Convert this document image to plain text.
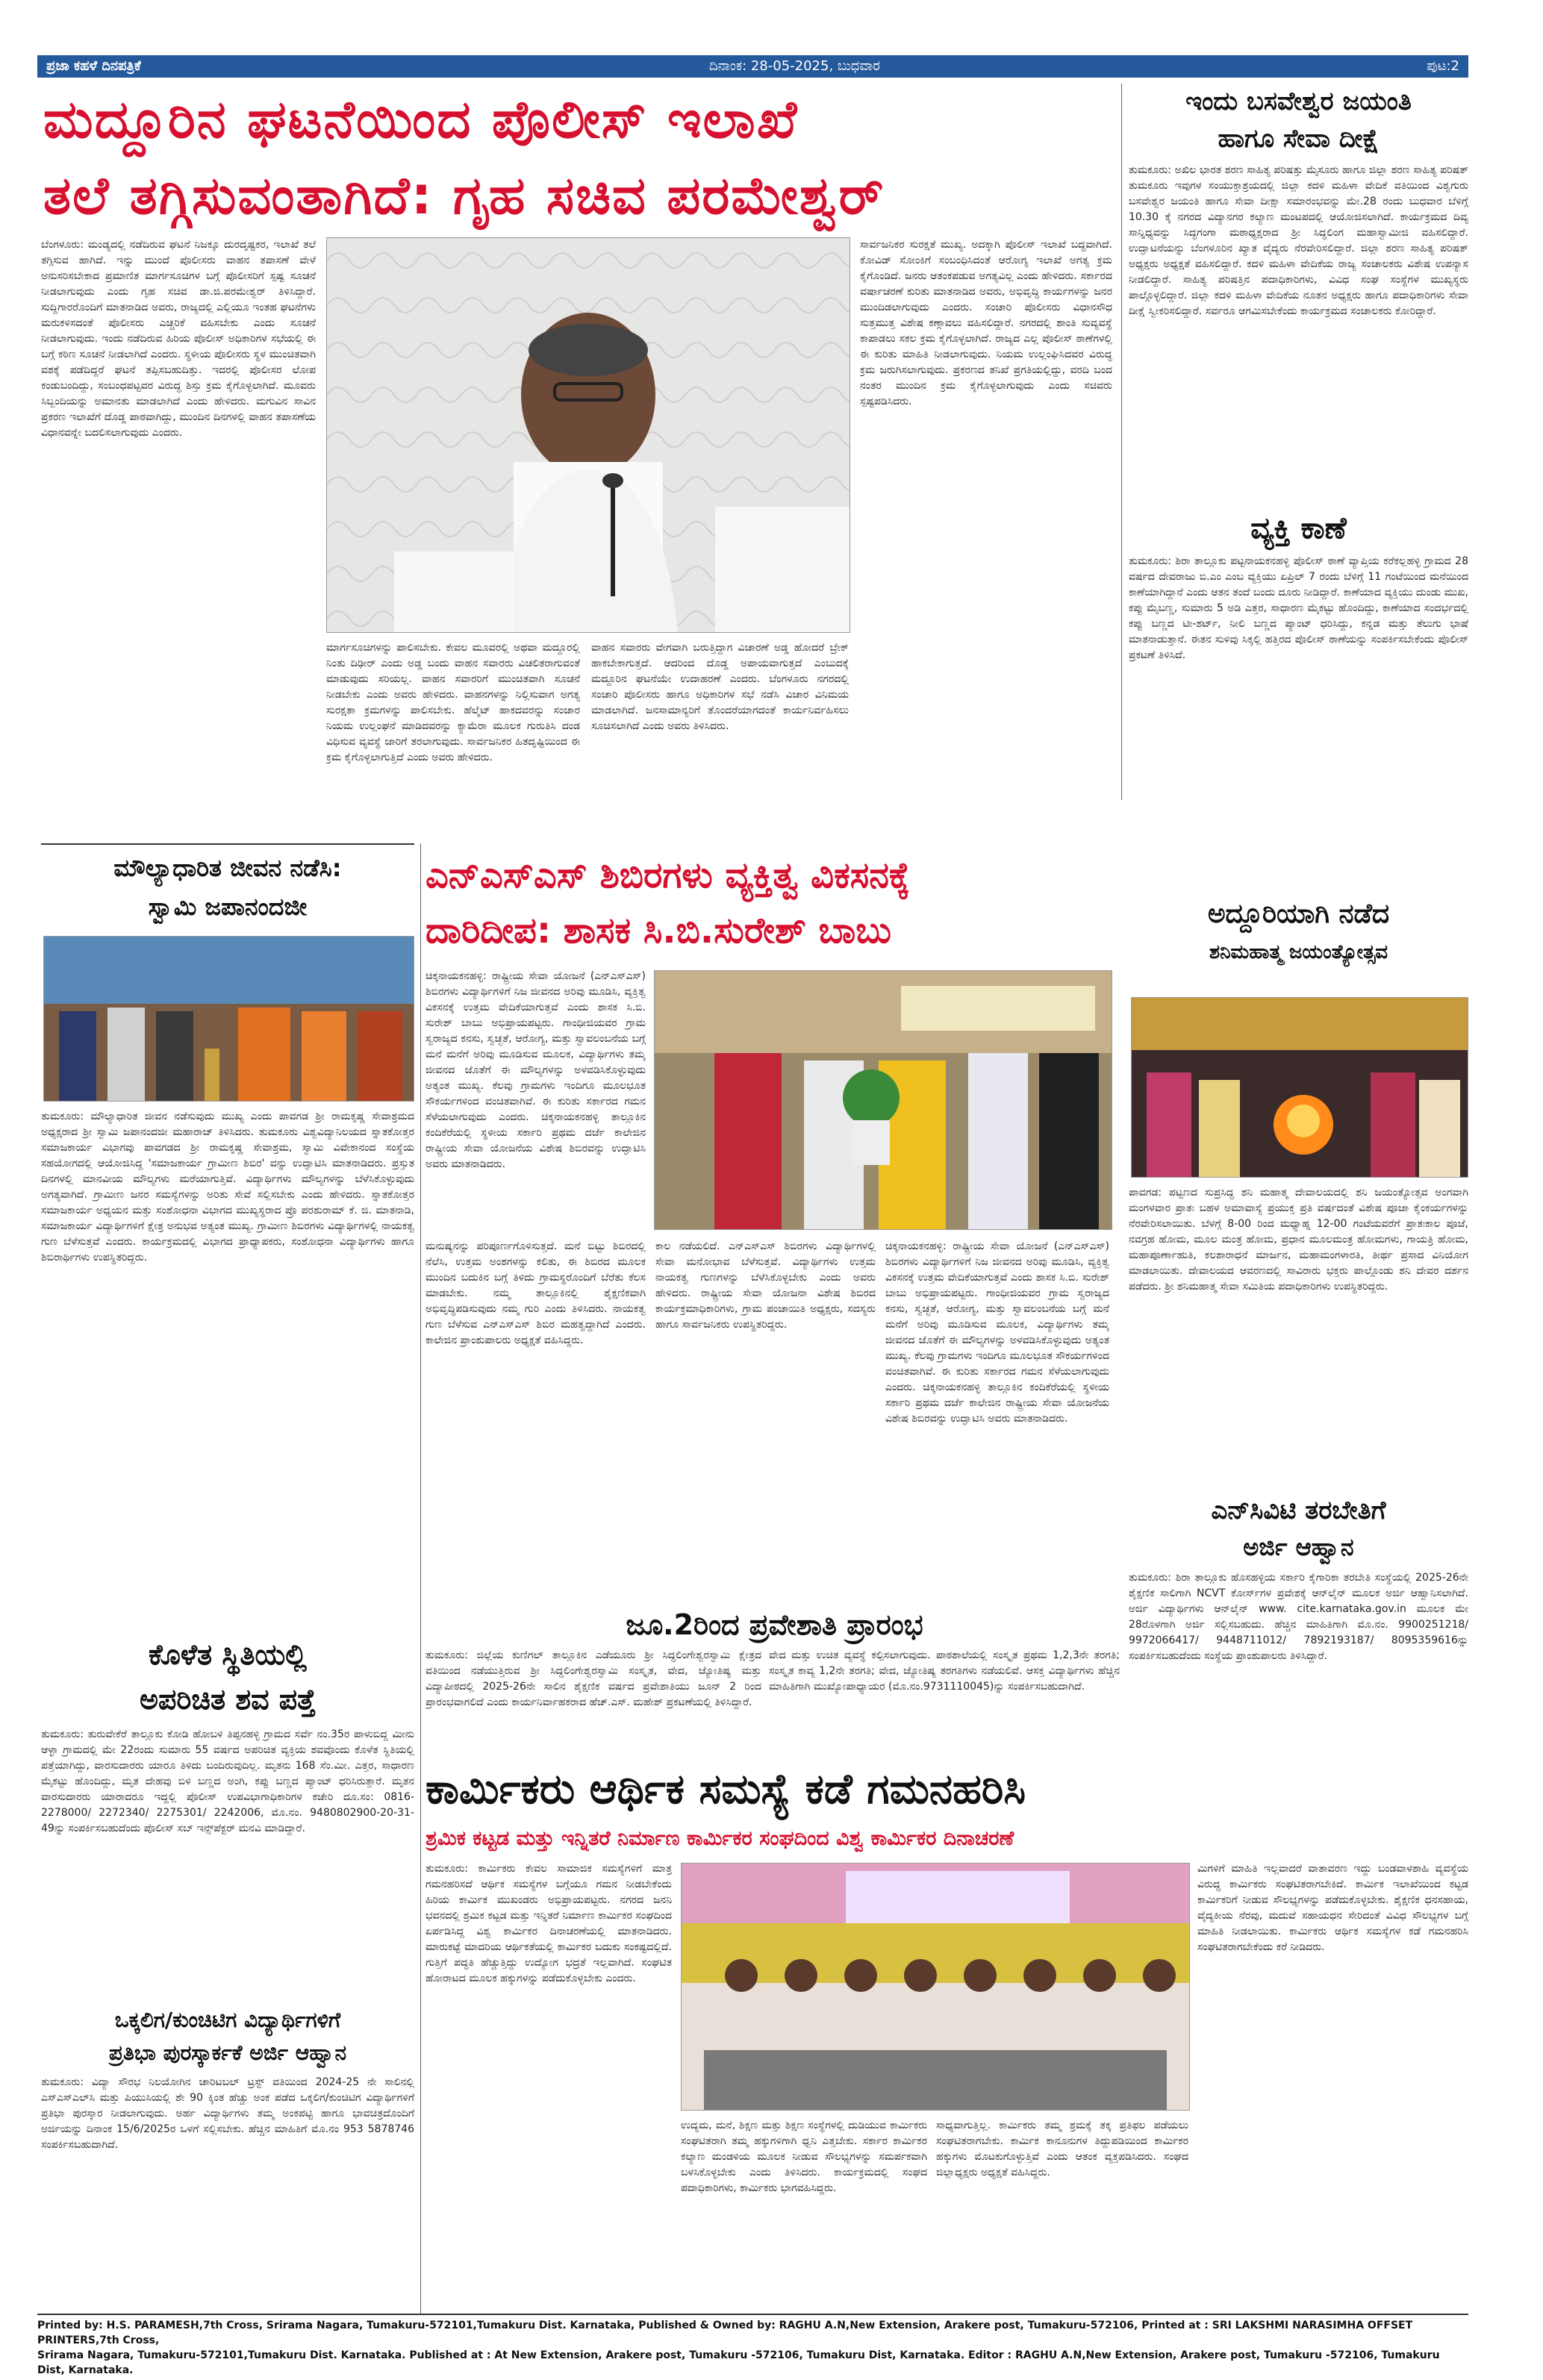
ಪ್ರಜಾ ಕಹಳೆ ದಿನಪತ್ರಿಕೆ	ದಿನಾಂಕ: 28-05-2025, ಬುಧವಾರ	ಪುಟ:2
ಮದ್ದೂರಿನ ಘಟನೆಯಿಂದ ಪೊಲೀಸ್ ಇಲಾಖೆ
ತಲೆ ತಗ್ಗಿಸುವಂತಾಗಿದೆ: ಗೃಹ ಸಚಿವ ಪರಮೇಶ್ವರ್
ಬೆಂಗಳೂರು: ಮಂಡ್ಯದಲ್ಲಿ ನಡೆದಿರುವ ಘಟನೆ ನಿಜಕ್ಕೂ ದುರದೃಷ್ಟಕರ, ಇಲಾಖೆ ತಲೆ ತಗ್ಗಿಸುವ ಹಾಗಿದೆ. ಇನ್ನು ಮುಂದೆ ಪೊಲೀಸರು ವಾಹನ ತಪಾಸಣೆ ವೇಳೆ ಅನುಸರಿಸಬೇಕಾದ ಪ್ರಮಾಣಿತ ಮಾರ್ಗಸೂಚಿಗಳ ಬಗ್ಗೆ ಪೊಲೀಸರಿಗೆ ಸ್ಪಷ್ಟ ಸೂಚನೆ ನೀಡಲಾಗುವುದು ಎಂದು ಗೃಹ ಸಚಿವ ಡಾ.ಜಿ.ಪರಮೇಶ್ವರ್ ತಿಳಿಸಿದ್ದಾರೆ. ಸುದ್ದಿಗಾರರೊಂದಿಗೆ ಮಾತನಾಡಿದ ಅವರು, ರಾಜ್ಯದಲ್ಲಿ ಎಲ್ಲಿಯೂ ಇಂತಹ ಘಟನೆಗಳು ಮರುಕಳಿಸದಂತೆ ಪೊಲೀಸರು ಎಚ್ಚರಿಕೆ ವಹಿಸಬೇಕು ಎಂದು ಸೂಚನೆ ನೀಡಲಾಗುವುದು. ಇಂದು ನಡೆದಿರುವ ಹಿರಿಯ ಪೊಲೀಸ್ ಅಧಿಕಾರಿಗಳ ಸಭೆಯಲ್ಲಿ ಈ ಬಗ್ಗೆ ಕಠಿಣ ಸೂಚನೆ ನೀಡಲಾಗಿದೆ ಎಂದರು. ಸ್ಥಳೀಯ ಪೊಲೀಸರು ಸ್ಥಳ ಮುಂಚಿತವಾಗಿ ವಶಕ್ಕೆ ಪಡೆದಿದ್ದರೆ ಘಟನೆ ತಪ್ಪಿಸಬಹುದಿತ್ತು. ಇದರಲ್ಲಿ ಪೊಲೀಸರ ಲೋಪ ಕಂಡುಬಂದಿದ್ದು, ಸಂಬಂಧಪಟ್ಟವರ ವಿರುದ್ಧ ಶಿಸ್ತು ಕ್ರಮ ಕೈಗೊಳ್ಳಲಾಗಿದೆ. ಮೂವರು ಸಿಬ್ಬಂದಿಯನ್ನು ಅಮಾನತು ಮಾಡಲಾಗಿದೆ ಎಂದು ಹೇಳಿದರು. ಮಗುವಿನ ಸಾವಿನ ಪ್ರಕರಣ ಇಲಾಖೆಗೆ ದೊಡ್ಡ ಪಾಠವಾಗಿದ್ದು, ಮುಂದಿನ ದಿನಗಳಲ್ಲಿ ವಾಹನ ತಪಾಸಣೆಯ ವಿಧಾನವನ್ನೇ ಬದಲಿಸಲಾಗುವುದು ಎಂದರು.
ಮಾರ್ಗಸೂಚಿಗಳನ್ನು ಪಾಲಿಸಬೇಕು. ಕೇವಲ ಮೂವರಲ್ಲಿ ಅಥವಾ ಮದ್ದೂರಲ್ಲಿ ನಿಂತು ದಿಢೀರ್ ಎಂದು ಅಡ್ಡ ಬಂದು ವಾಹನ ಸವಾರರು ವಿಚಲಿತರಾಗುವಂತೆ ಮಾಡುವುದು ಸರಿಯಲ್ಲ. ವಾಹನ ಸವಾರರಿಗೆ ಮುಂಚಿತವಾಗಿ ಸೂಚನೆ ನೀಡಬೇಕು ಎಂದು ಅವರು ಹೇಳಿದರು. ವಾಹನಗಳನ್ನು ನಿಲ್ಲಿಸುವಾಗ ಅಗತ್ಯ ಸುರಕ್ಷತಾ ಕ್ರಮಗಳನ್ನು ಪಾಲಿಸಬೇಕು. ಹೆಲ್ಮೆಟ್ ಹಾಕದವರನ್ನು ಸಂಚಾರ ನಿಯಮ ಉಲ್ಲಂಘನೆ ಮಾಡಿದವರನ್ನು ಕ್ಯಾಮೆರಾ ಮೂಲಕ ಗುರುತಿಸಿ ದಂಡ ವಿಧಿಸುವ ವ್ಯವಸ್ಥೆ ಜಾರಿಗೆ ತರಲಾಗುವುದು. ಸಾರ್ವಜನಿಕರ ಹಿತದೃಷ್ಟಿಯಿಂದ ಈ ಕ್ರಮ ಕೈಗೊಳ್ಳಲಾಗುತ್ತಿದೆ ಎಂದು ಅವರು ಹೇಳಿದರು.
ವಾಹನ ಸವಾರರು ವೇಗವಾಗಿ ಬರುತ್ತಿದ್ದಾಗ ವಿಚಾರಣೆ ಅಡ್ಡ ಹೋದರೆ ಬ್ರೇಕ್ ಹಾಕಬೇಕಾಗುತ್ತದೆ. ಆದರಿಂದ ದೊಡ್ಡ ಅಪಾಯವಾಗುತ್ತದೆ ಎಂಬುದಕ್ಕೆ ಮದ್ದೂರಿನ ಘಟನೆಯೇ ಉದಾಹರಣೆ ಎಂದರು. ಬೆಂಗಳೂರು ನಗರದಲ್ಲಿ ಸಂಚಾರಿ ಪೊಲೀಸರು ಹಾಗೂ ಅಧಿಕಾರಿಗಳ ಸಭೆ ನಡೆಸಿ ವಿಚಾರ ವಿನಿಮಯ ಮಾಡಲಾಗಿದೆ. ಜನಸಾಮಾನ್ಯರಿಗೆ ತೊಂದರೆಯಾಗದಂತೆ ಕಾರ್ಯನಿರ್ವಹಿಸಲು ಸೂಚಿಸಲಾಗಿದೆ ಎಂದು ಅವರು ತಿಳಿಸಿದರು.
ಸಾರ್ವಜನಿಕರ ಸುರಕ್ಷತೆ ಮುಖ್ಯ. ಅದಕ್ಕಾಗಿ ಪೊಲೀಸ್ ಇಲಾಖೆ ಬದ್ಧವಾಗಿದೆ. ಕೋವಿಡ್ ಸೋಂಕಿಗೆ ಸಂಬಂಧಿಸಿದಂತೆ ಆರೋಗ್ಯ ಇಲಾಖೆ ಅಗತ್ಯ ಕ್ರಮ ಕೈಗೊಂಡಿದೆ. ಜನರು ಆತಂಕಪಡುವ ಅಗತ್ಯವಿಲ್ಲ ಎಂದು ಹೇಳಿದರು. ಸರ್ಕಾರದ ವರ್ಷಾಚರಣೆ ಕುರಿತು ಮಾತನಾಡಿದ ಅವರು, ಅಭಿವೃದ್ಧಿ ಕಾರ್ಯಗಳನ್ನು ಜನರ ಮುಂದಿಡಲಾಗುವುದು ಎಂದರು. ಸಂಚಾರಿ ಪೊಲೀಸರು ವಿಧಾನಸೌಧ ಸುತ್ತಮುತ್ತ ವಿಶೇಷ ಕಣ್ಗಾವಲು ವಹಿಸಲಿದ್ದಾರೆ. ನಗರದಲ್ಲಿ ಶಾಂತಿ ಸುವ್ಯವಸ್ಥೆ ಕಾಪಾಡಲು ಸಕಲ ಕ್ರಮ ಕೈಗೊಳ್ಳಲಾಗಿದೆ. ರಾಜ್ಯದ ಎಲ್ಲ ಪೊಲೀಸ್ ಠಾಣೆಗಳಲ್ಲಿ ಈ ಕುರಿತು ಮಾಹಿತಿ ನೀಡಲಾಗುವುದು. ನಿಯಮ ಉಲ್ಲಂಘಿಸಿದವರ ವಿರುದ್ಧ ಕ್ರಮ ಜರುಗಿಸಲಾಗುವುದು. ಪ್ರಕರಣದ ತನಿಖೆ ಪ್ರಗತಿಯಲ್ಲಿದ್ದು, ವರದಿ ಬಂದ ನಂತರ ಮುಂದಿನ ಕ್ರಮ ಕೈಗೊಳ್ಳಲಾಗುವುದು ಎಂದು ಸಚಿವರು ಸ್ಪಷ್ಟಪಡಿಸಿದರು.
ಇಂದು ಬಸವೇಶ್ವರ ಜಯಂತಿ
ಹಾಗೂ ಸೇವಾ ದೀಕ್ಷೆ
ತುಮಕೂರು: ಅಖಿಲ ಭಾರತ ಶರಣ ಸಾಹಿತ್ಯ ಪರಿಷತ್ತು ಮೈಸೂರು ಹಾಗೂ ಜಿಲ್ಲಾ ಶರಣ ಸಾಹಿತ್ಯ ಪರಿಷತ್ ತುಮಕೂರು ಇವುಗಳ ಸಂಯುಕ್ತಾಶ್ರಯದಲ್ಲಿ ಜಿಲ್ಲಾ ಕದಳಿ ಮಹಿಳಾ ವೇದಿಕೆ ವತಿಯಿಂದ ವಿಶ್ವಗುರು ಬಸವೇಶ್ವರ ಜಯಂತಿ ಹಾಗೂ ಸೇವಾ ದೀಕ್ಷಾ ಸಮಾರಂಭವನ್ನು ಮೇ.28 ರಂದು ಬುಧವಾರ ಬೆಳಿಗ್ಗೆ 10.30 ಕ್ಕೆ ನಗರದ ವಿದ್ಯಾನಗರ ಕಲ್ಯಾಣ ಮಂಟಪದಲ್ಲಿ ಆಯೋಜಿಸಲಾಗಿದೆ. ಕಾರ್ಯಕ್ರಮದ ದಿವ್ಯ ಸಾನ್ನಿಧ್ಯವನ್ನು ಸಿದ್ಧಗಂಗಾ ಮಠಾಧ್ಯಕ್ಷರಾದ ಶ್ರೀ ಸಿದ್ಧಲಿಂಗ ಮಹಾಸ್ವಾಮೀಜಿ ವಹಿಸಲಿದ್ದಾರೆ. ಉದ್ಘಾಟನೆಯನ್ನು ಬೆಂಗಳೂರಿನ ಖ್ಯಾತ ವೈದ್ಯರು ನೆರವೇರಿಸಲಿದ್ದಾರೆ. ಜಿಲ್ಲಾ ಶರಣ ಸಾಹಿತ್ಯ ಪರಿಷತ್ ಅಧ್ಯಕ್ಷರು ಅಧ್ಯಕ್ಷತೆ ವಹಿಸಲಿದ್ದಾರೆ. ಕದಳಿ ಮಹಿಳಾ ವೇದಿಕೆಯ ರಾಜ್ಯ ಸಂಚಾಲಕರು ವಿಶೇಷ ಉಪನ್ಯಾಸ ನೀಡಲಿದ್ದಾರೆ. ಸಾಹಿತ್ಯ ಪರಿಷತ್ತಿನ ಪದಾಧಿಕಾರಿಗಳು, ವಿವಿಧ ಸಂಘ ಸಂಸ್ಥೆಗಳ ಮುಖ್ಯಸ್ಥರು ಪಾಲ್ಗೊಳ್ಳಲಿದ್ದಾರೆ. ಜಿಲ್ಲಾ ಕದಳಿ ಮಹಿಳಾ ವೇದಿಕೆಯ ನೂತನ ಅಧ್ಯಕ್ಷರು ಹಾಗೂ ಪದಾಧಿಕಾರಿಗಳು ಸೇವಾ ದೀಕ್ಷೆ ಸ್ವೀಕರಿಸಲಿದ್ದಾರೆ. ಸರ್ವರೂ ಆಗಮಿಸಬೇಕೆಂದು ಕಾರ್ಯಕ್ರಮದ ಸಂಚಾಲಕರು ಕೋರಿದ್ದಾರೆ.
ವ್ಯಕ್ತಿ ಕಾಣೆ
ತುಮಕೂರು: ಶಿರಾ ತಾಲ್ಲೂಕು ಪಟ್ಟನಾಯಕನಹಳ್ಳಿ ಪೊಲೀಸ್ ಠಾಣೆ ವ್ಯಾಪ್ತಿಯ ಕರೆಕಲ್ಲಹಳ್ಳಿ ಗ್ರಾಮದ 28 ವರ್ಷದ ದೇವರಾಜು ಬಿ.ಎಂ ಎಂಬ ವ್ಯಕ್ತಿಯು ಏಪ್ರಿಲ್ 7 ರಂದು ಬೆಳಿಗ್ಗೆ 11 ಗಂಟೆಯಿಂದ ಮನೆಯಿಂದ ಕಾಣೆಯಾಗಿದ್ದಾನೆ ಎಂದು ಆತನ ತಂದೆ ಬಂದು ದೂರು ನೀಡಿದ್ದಾರೆ. ಕಾಣೆಯಾದ ವ್ಯಕ್ತಿಯು ದುಂಡು ಮುಖ, ಕಪ್ಪು ಮೈಬಣ್ಣ, ಸುಮಾರು 5 ಅಡಿ ಎತ್ತರ, ಸಾಧಾರಣ ಮೈಕಟ್ಟು ಹೊಂದಿದ್ದು, ಕಾಣೆಯಾದ ಸಂದರ್ಭದಲ್ಲಿ ಕಪ್ಪು ಬಣ್ಣದ ಟೀ-ಶರ್ಟ್, ನೀಲಿ ಬಣ್ಣದ ಪ್ಯಾಂಟ್ ಧರಿಸಿದ್ದು, ಕನ್ನಡ ಮತ್ತು ತೆಲುಗು ಭಾಷೆ ಮಾತನಾಡುತ್ತಾನೆ. ಈತನ ಸುಳಿವು ಸಿಕ್ಕಲ್ಲಿ ಹತ್ತಿರದ ಪೊಲೀಸ್ ಠಾಣೆಯನ್ನು ಸಂಪರ್ಕಿಸಬೇಕೆಂದು ಪೊಲೀಸ್ ಪ್ರಕಟಣೆ ತಿಳಿಸಿದೆ.
ಅದ್ದೂರಿಯಾಗಿ ನಡೆದ
ಶನಿಮಹಾತ್ಮ ಜಯಂತ್ಯೋತ್ಸವ
ಪಾವಗಡ: ಪಟ್ಟಣದ ಸುಪ್ರಸಿದ್ಧ ಶನಿ ಮಹಾತ್ಮ ದೇವಾಲಯದಲ್ಲಿ ಶನಿ ಜಯಂತ್ಯೋತ್ಸವ ಅಂಗವಾಗಿ ಮಂಗಳವಾರ ಪ್ರಾತಃ ಬಹಳ ಅಮಾವಾಸ್ಯೆ ಪ್ರಯುಕ್ತ ಪ್ರತಿ ವರ್ಷದಂತೆ ವಿಶೇಷ ಪೂಜಾ ಕೈಂಕರ್ಯಗಳನ್ನು ನೆರವೇರಿಸಲಾಯಿತು. ಬೆಳಗ್ಗೆ 8-00 ರಿಂದ ಮಧ್ಯಾಹ್ನ 12-00 ಗಂಟೆಯವರೆಗೆ ಪ್ರಾತಃಕಾಲ ಪೂಜೆ, ನವಗ್ರಹ ಹೋಮ, ಮೂಲ ಮಂತ್ರ ಹೋಮ, ಪ್ರಧಾನ ಮೂಲಮಂತ್ರ ಹೋಮಗಳು, ಗಾಯತ್ರಿ ಹೋಮ, ಮಹಾಪೂರ್ಣಾಹುತಿ, ಕಲಶಾರಾಧನೆ ಮಾರ್ಜನ, ಮಹಾಮಂಗಳಾರತಿ, ತೀರ್ಥ ಪ್ರಸಾದ ವಿನಿಯೋಗ ಮಾಡಲಾಯಿತು. ದೇವಾಲಯದ ಆವರಣದಲ್ಲಿ ಸಾವಿರಾರು ಭಕ್ತರು ಪಾಲ್ಗೊಂಡು ಶನಿ ದೇವರ ದರ್ಶನ ಪಡೆದರು. ಶ್ರೀ ಶನಿಮಹಾತ್ಮ ಸೇವಾ ಸಮಿತಿಯ ಪದಾಧಿಕಾರಿಗಳು ಉಪಸ್ಥಿತರಿದ್ದರು.
ಎನ್‌ಸಿವಿಟಿ ತರಬೇತಿಗೆ
ಅರ್ಜಿ ಆಹ್ವಾನ
ತುಮಕೂರು: ಶಿರಾ ತಾಲ್ಲೂಕು ಹೊಸಹಳ್ಳಿಯ ಸರ್ಕಾರಿ ಕೈಗಾರಿಕಾ ತರಬೇತಿ ಸಂಸ್ಥೆಯಲ್ಲಿ 2025-26ನೇ ಶೈಕ್ಷಣಿಕ ಸಾಲಿಗಾಗಿ NCVT ಕೋರ್ಸ್‌ಗಳ ಪ್ರವೇಶಕ್ಕೆ ಆನ್‌ಲೈನ್ ಮೂಲಕ ಅರ್ಜಿ ಆಹ್ವಾನಿಸಲಾಗಿದೆ. ಅರ್ಜಿ ವಿದ್ಯಾರ್ಥಿಗಳು ಆನ್‌ಲೈನ್ www. cite.karnataka.gov.in ಮೂಲಕ ಮೇ 28ರೊಳಗಾಗಿ ಅರ್ಜಿ ಸಲ್ಲಿಸಬಹುದು. ಹೆಚ್ಚಿನ ಮಾಹಿತಿಗಾಗಿ ಮೊ.ನಂ. 9900251218/ 9972066417/ 9448711012/ 7892193187/ 8095359616ನ್ನು ಸಂಪರ್ಕಿಸಬಹುದೆಂದು ಸಂಸ್ಥೆಯ ಪ್ರಾಂಶುಪಾಲರು ತಿಳಿಸಿದ್ದಾರೆ.
ಮೌಲ್ಯಾಧಾರಿತ ಜೀವನ ನಡೆಸಿ:
ಸ್ವಾಮಿ ಜಪಾನಂದಜೀ
ತುಮಕೂರು: ಮೌಲ್ಯಾಧಾರಿತ ಜೀವನ ನಡೆಸುವುದು ಮುಖ್ಯ ಎಂದು ಪಾವಗಡ ಶ್ರೀ ರಾಮಕೃಷ್ಣ ಸೇವಾಶ್ರಮದ ಅಧ್ಯಕ್ಷರಾದ ಶ್ರೀ ಸ್ವಾಮಿ ಜಪಾನಂದಜೀ ಮಹಾರಾಜ್ ತಿಳಿಸಿದರು. ತುಮಕೂರು ವಿಶ್ವವಿದ್ಯಾನಿಲಯದ ಸ್ನಾತಕೋತ್ತರ ಸಮಾಜಕಾರ್ಯ ವಿಭಾಗವು ಪಾವಗಡದ ಶ್ರೀ ರಾಮಕೃಷ್ಣ ಸೇವಾಶ್ರಮ, ಸ್ವಾಮಿ ವಿವೇಕಾನಂದ ಸಂಸ್ಥೆಯ ಸಹಯೋಗದಲ್ಲಿ ಆಯೋಜಿಸಿದ್ದ 'ಸಮಾಜಕಾರ್ಯ ಗ್ರಾಮೀಣ ಶಿಬಿರ' ವನ್ನು ಉದ್ಘಾಟಿಸಿ ಮಾತನಾಡಿದರು. ಪ್ರಸ್ತುತ ದಿನಗಳಲ್ಲಿ ಮಾನವೀಯ ಮೌಲ್ಯಗಳು ಮರೆಯಾಗುತ್ತಿವೆ. ವಿದ್ಯಾರ್ಥಿಗಳು ಮೌಲ್ಯಗಳನ್ನು ಬೆಳೆಸಿಕೊಳ್ಳುವುದು ಅಗತ್ಯವಾಗಿದೆ. ಗ್ರಾಮೀಣ ಜನರ ಸಮಸ್ಯೆಗಳನ್ನು ಅರಿತು ಸೇವೆ ಸಲ್ಲಿಸಬೇಕು ಎಂದು ಹೇಳಿದರು. ಸ್ನಾತಕೋತ್ತರ ಸಮಾಜಕಾರ್ಯ ಅಧ್ಯಯನ ಮತ್ತು ಸಂಶೋಧನಾ ವಿಭಾಗದ ಮುಖ್ಯಸ್ಥರಾದ ಪ್ರೊ ಪರಶುರಾಮ್ ಕೆ. ಜಿ. ಮಾತನಾಡಿ, ಸಮಾಜಕಾರ್ಯ ವಿದ್ಯಾರ್ಥಿಗಳಿಗೆ ಕ್ಷೇತ್ರ ಅನುಭವ ಅತ್ಯಂತ ಮುಖ್ಯ. ಗ್ರಾಮೀಣ ಶಿಬಿರಗಳು ವಿದ್ಯಾರ್ಥಿಗಳಲ್ಲಿ ನಾಯಕತ್ವ ಗುಣ ಬೆಳೆಸುತ್ತವೆ ಎಂದರು. ಕಾರ್ಯಕ್ರಮದಲ್ಲಿ ವಿಭಾಗದ ಪ್ರಾಧ್ಯಾಪಕರು, ಸಂಶೋಧನಾ ವಿದ್ಯಾರ್ಥಿಗಳು ಹಾಗೂ ಶಿಬಿರಾರ್ಥಿಗಳು ಉಪಸ್ಥಿತರಿದ್ದರು.
ಎನ್‌ಎಸ್‌ಎಸ್ ಶಿಬಿರಗಳು ವ್ಯಕ್ತಿತ್ವ ವಿಕಸನಕ್ಕೆ
ದಾರಿದೀಪ: ಶಾಸಕ ಸಿ.ಬಿ.ಸುರೇಶ್ ಬಾಬು
ಚಿಕ್ಕನಾಯಕನಹಳ್ಳಿ: ರಾಷ್ಟ್ರೀಯ ಸೇವಾ ಯೋಜನೆ (ಎನ್‌ಎಸ್‌ಎಸ್) ಶಿಬಿರಗಳು ವಿದ್ಯಾರ್ಥಿಗಳಿಗೆ ನಿಜ ಜೀವನದ ಅರಿವು ಮೂಡಿಸಿ, ವ್ಯಕ್ತಿತ್ವ ವಿಕಸನಕ್ಕೆ ಉತ್ತಮ ವೇದಿಕೆಯಾಗುತ್ತವೆ ಎಂದು ಶಾಸಕ ಸಿ.ಬಿ. ಸುರೇಶ್ ಬಾಬು ಅಭಿಪ್ರಾಯಪಟ್ಟರು. ಗಾಂಧೀಜಿಯವರ ಗ್ರಾಮ ಸ್ವರಾಜ್ಯದ ಕನಸು, ಸ್ವಚ್ಛತೆ, ಆರೋಗ್ಯ, ಮತ್ತು ಸ್ವಾವಲಂಬನೆಯ ಬಗ್ಗೆ ಮನೆ ಮನೆಗೆ ಅರಿವು ಮೂಡಿಸುವ ಮೂಲಕ, ವಿದ್ಯಾರ್ಥಿಗಳು ತಮ್ಮ ಜೀವನದ ಜೊತೆಗೆ ಈ ಮೌಲ್ಯಗಳನ್ನು ಅಳವಡಿಸಿಕೊಳ್ಳುವುದು ಅತ್ಯಂತ ಮುಖ್ಯ. ಕೆಲವು ಗ್ರಾಮಗಳು ಇಂದಿಗೂ ಮೂಲಭೂತ ಸೌಕರ್ಯಗಳಿಂದ ವಂಚಿತವಾಗಿವೆ. ಈ ಕುರಿತು ಸರ್ಕಾರದ ಗಮನ ಸೆಳೆಯಲಾಗುವುದು ಎಂದರು. ಚಿಕ್ಕನಾಯಕನಹಳ್ಳಿ ತಾಲ್ಲೂಕಿನ ಕಂದಿಕೆರೆಯಲ್ಲಿ ಸ್ಥಳೀಯ ಸರ್ಕಾರಿ ಪ್ರಥಮ ದರ್ಜೆ ಕಾಲೇಜಿನ ರಾಷ್ಟ್ರೀಯ ಸೇವಾ ಯೋಜನೆಯ ವಿಶೇಷ ಶಿಬಿರವನ್ನು ಉದ್ಘಾಟಿಸಿ ಅವರು ಮಾತನಾಡಿದರು.
ಮನುಷ್ಯನನ್ನು ಪರಿಪೂರ್ಣಗೊಳಿಸುತ್ತದೆ. ಮನೆ ಬಿಟ್ಟು ಶಿಬಿರದಲ್ಲಿ ನೆಲೆಸಿ, ಉತ್ತಮ ಅಂಶಗಳನ್ನು ಕಲಿತು, ಈ ಶಿಬಿರದ ಮೂಲಕ ಮುಂದಿನ ಬದುಕಿನ ಬಗ್ಗೆ ತಿಳಿದು ಗ್ರಾಮಸ್ಥರೊಂದಿಗೆ ಬೆರೆತು ಕೆಲಸ ಮಾಡಬೇಕು. ನಮ್ಮ ತಾಲ್ಲೂಕಿನಲ್ಲಿ ಶೈಕ್ಷಣಿಕವಾಗಿ ಅಭಿವೃದ್ಧಿಪಡಿಸುವುದು ನಮ್ಮ ಗುರಿ ಎಂದು ತಿಳಿಸಿದರು. ನಾಯಕತ್ವ ಗುಣ ಬೆಳೆಸುವ ಎನ್‌ಎಸ್‌ಎಸ್ ಶಿಬಿರ ಮಹತ್ವದ್ದಾಗಿದೆ ಎಂದರು. ಕಾಲೇಜಿನ ಪ್ರಾಂಶುಪಾಲರು ಅಧ್ಯಕ್ಷತೆ ವಹಿಸಿದ್ದರು.
ಕಾಲ ನಡೆಯಲಿದೆ. ಎನ್‌ಎಸ್‌ಎಸ್ ಶಿಬಿರಗಳು ವಿದ್ಯಾರ್ಥಿಗಳಲ್ಲಿ ಸೇವಾ ಮನೋಭಾವ ಬೆಳೆಸುತ್ತವೆ. ವಿದ್ಯಾರ್ಥಿಗಳು ಉತ್ತಮ ನಾಯಕತ್ವ ಗುಣಗಳನ್ನು ಬೆಳೆಸಿಕೊಳ್ಳಬೇಕು ಎಂದು ಅವರು ಹೇಳಿದರು. ರಾಷ್ಟ್ರೀಯ ಸೇವಾ ಯೋಜನಾ ವಿಶೇಷ ಶಿಬಿರದ ಕಾರ್ಯಕ್ರಮಾಧಿಕಾರಿಗಳು, ಗ್ರಾಮ ಪಂಚಾಯಿತಿ ಅಧ್ಯಕ್ಷರು, ಸದಸ್ಯರು ಹಾಗೂ ಸಾರ್ವಜನಿಕರು ಉಪಸ್ಥಿತರಿದ್ದರು.
ಚಿಕ್ಕನಾಯಕನಹಳ್ಳಿ: ರಾಷ್ಟ್ರೀಯ ಸೇವಾ ಯೋಜನೆ (ಎನ್‌ಎಸ್‌ಎಸ್) ಶಿಬಿರಗಳು ವಿದ್ಯಾರ್ಥಿಗಳಿಗೆ ನಿಜ ಜೀವನದ ಅರಿವು ಮೂಡಿಸಿ, ವ್ಯಕ್ತಿತ್ವ ವಿಕಸನಕ್ಕೆ ಉತ್ತಮ ವೇದಿಕೆಯಾಗುತ್ತವೆ ಎಂದು ಶಾಸಕ ಸಿ.ಬಿ. ಸುರೇಶ್ ಬಾಬು ಅಭಿಪ್ರಾಯಪಟ್ಟರು. ಗಾಂಧೀಜಿಯವರ ಗ್ರಾಮ ಸ್ವರಾಜ್ಯದ ಕನಸು, ಸ್ವಚ್ಛತೆ, ಆರೋಗ್ಯ, ಮತ್ತು ಸ್ವಾವಲಂಬನೆಯ ಬಗ್ಗೆ ಮನೆ ಮನೆಗೆ ಅರಿವು ಮೂಡಿಸುವ ಮೂಲಕ, ವಿದ್ಯಾರ್ಥಿಗಳು ತಮ್ಮ ಜೀವನದ ಜೊತೆಗೆ ಈ ಮೌಲ್ಯಗಳನ್ನು ಅಳವಡಿಸಿಕೊಳ್ಳುವುದು ಅತ್ಯಂತ ಮುಖ್ಯ. ಕೆಲವು ಗ್ರಾಮಗಳು ಇಂದಿಗೂ ಮೂಲಭೂತ ಸೌಕರ್ಯಗಳಿಂದ ವಂಚಿತವಾಗಿವೆ. ಈ ಕುರಿತು ಸರ್ಕಾರದ ಗಮನ ಸೆಳೆಯಲಾಗುವುದು ಎಂದರು. ಚಿಕ್ಕನಾಯಕನಹಳ್ಳಿ ತಾಲ್ಲೂಕಿನ ಕಂದಿಕೆರೆಯಲ್ಲಿ ಸ್ಥಳೀಯ ಸರ್ಕಾರಿ ಪ್ರಥಮ ದರ್ಜೆ ಕಾಲೇಜಿನ ರಾಷ್ಟ್ರೀಯ ಸೇವಾ ಯೋಜನೆಯ ವಿಶೇಷ ಶಿಬಿರವನ್ನು ಉದ್ಘಾಟಿಸಿ ಅವರು ಮಾತನಾಡಿದರು.
ಜೂ.2ರಿಂದ ಪ್ರವೇಶಾತಿ ಪ್ರಾರಂಭ
ತುಮಕೂರು: ಜಿಲ್ಲೆಯ ಕುಣಿಗಲ್ ತಾಲ್ಲೂಕಿನ ಎಡೆಯೂರು ಶ್ರೀ ಸಿದ್ಧಲಿಂಗೇಶ್ವರಸ್ವಾಮಿ ಕ್ಷೇತ್ರದ ವತಿಯಿಂದ ನಡೆಯುತ್ತಿರುವ ಶ್ರೀ ಸಿದ್ಧಲಿಂಗೇಶ್ವರಸ್ವಾಮಿ ಸಂಸ್ಕೃತ, ವೇದ, ಜ್ಯೋತಿಷ್ಯ ಮತ್ತು ವಿದ್ಯಾಪೀಠದಲ್ಲಿ 2025-26ನೇ ಸಾಲಿನ ಶೈಕ್ಷಣಿಕ ವರ್ಷದ ಪ್ರವೇಶಾತಿಯು ಜೂನ್ 2 ರಿಂದ ಪ್ರಾರಂಭವಾಗಲಿದೆ ಎಂದು ಕಾರ್ಯನಿರ್ವಾಹಕರಾದ ಹೆಚ್.ಎಸ್. ಮಹೇಶ್ ಪ್ರಕಟಣೆಯಲ್ಲಿ ತಿಳಿಸಿದ್ದಾರೆ.
ವೇದ ಮತ್ತು ಉಚಿತ ವ್ಯವಸ್ಥೆ ಕಲ್ಪಿಸಲಾಗುವುದು. ಪಾಠಶಾಲೆಯಲ್ಲಿ ಸಂಸ್ಕೃತ ಪ್ರಥಮ 1,2,3ನೇ ತರಗತಿ; ಸಂಸ್ಕೃತ ಕಾವ್ಯ 1,2ನೇ ತರಗತಿ; ವೇದ, ಜ್ಯೋತಿಷ್ಯ ತರಗತಿಗಳು ನಡೆಯಲಿವೆ. ಆಸಕ್ತ ವಿದ್ಯಾರ್ಥಿಗಳು ಹೆಚ್ಚಿನ ಮಾಹಿತಿಗಾಗಿ ಮುಖ್ಯೋಪಾಧ್ಯಾಯರ (ಮೊ.ನಂ.9731110045)ನ್ನು ಸಂಪರ್ಕಿಸಬಹುದಾಗಿದೆ.
ಕೊಳೆತ ಸ್ಥಿತಿಯಲ್ಲಿ
ಅಪರಿಚಿತ ಶವ ಪತ್ತೆ
ತುಮಕೂರು: ತುರುವೇಕೆರೆ ತಾಲ್ಲೂಕು ಕೋಡಿ ಹೋಬಳಿ ತಿಪ್ಪನಹಳ್ಳಿ ಗ್ರಾಮದ ಸರ್ವೆ ನಂ.35ರ ಪಾಳುಬಿದ್ದ ಮೀನು ಆಳ್ಳಾ ಗ್ರಾಮದಲ್ಲಿ ಮೇ 22ರಂದು ಸುಮಾರು 55 ವರ್ಷದ ಅಪರಿಚಿತ ವ್ಯಕ್ತಿಯ ಶವವೊಂದು ಕೊಳೆತ ಸ್ಥಿತಿಯಲ್ಲಿ ಪತ್ತೆಯಾಗಿದ್ದು, ವಾರಸುದಾರರು ಯಾರೂ ತಿಳಿದು ಬಂದಿರುವುದಿಲ್ಲ. ಮೃತನು 168 ಸೆಂ.ಮೀ. ಎತ್ತರ, ಸಾಧಾರಣ ಮೈಕಟ್ಟು ಹೊಂದಿದ್ದು, ಮೃತ ದೇಹವು ಬಿಳಿ ಬಣ್ಣದ ಅಂಗಿ, ಕಪ್ಪು ಬಣ್ಣದ ಪ್ಯಾಂಟ್ ಧರಿಸಿರುತ್ತಾರೆ. ಮೃತನ ವಾರಸುದಾರರು ಯಾರಾದರೂ ಇದ್ದಲ್ಲಿ ಪೊಲೀಸ್ ಉಪವಿಭಾಗಾಧಿಕಾರಿಗಳ ಕಚೇರಿ ದೂ.ಸಂ: 0816-2278000/ 2272340/ 2275301/ 2242006, ಮೊ.ನಂ. 9480802900-20-31-49ನ್ನು ಸಂಪರ್ಕಿಸಬಹುದೆಂದು ಪೊಲೀಸ್ ಸಬ್ ಇನ್ಸ್‌ಪೆಕ್ಟರ್ ಮನವಿ ಮಾಡಿದ್ದಾರೆ.
ಒಕ್ಕಲಿಗ/ಕುಂಚಿಟಿಗ ವಿದ್ಯಾರ್ಥಿಗಳಿಗೆ
ಪ್ರತಿಭಾ ಪುರಸ್ಕಾರ್ಕಕೆ ಅರ್ಜಿ ಆಹ್ವಾನ
ತುಮಕೂರು: ವಿದ್ಯಾ ಸೌರಭ ನಿಲಯೋಗಿನ ಚಾರಿಟಬಲ್ ಟ್ರಸ್ಟ್ ವತಿಯಿಂದ 2024-25 ನೇ ಸಾಲಿನಲ್ಲಿ ಎಸ್‌ಎಸ್‌ಎಲ್‌ಸಿ ಮತ್ತು ಪಿಯುಸಿಯಲ್ಲಿ ಶೇ 90 ಕ್ಕಿಂತ ಹೆಚ್ಚು ಅಂಕ ಪಡೆದ ಒಕ್ಕಲಿಗ/ಕುಂಚಿಟಿಗ ವಿದ್ಯಾರ್ಥಿಗಳಿಗೆ ಪ್ರತಿಭಾ ಪುರಸ್ಕಾರ ನೀಡಲಾಗುವುದು. ಅರ್ಹ ವಿದ್ಯಾರ್ಥಿಗಳು ತಮ್ಮ ಅಂಕಪಟ್ಟಿ ಹಾಗೂ ಭಾವಚಿತ್ರದೊಂದಿಗೆ ಅರ್ಜಿಯನ್ನು ದಿನಾಂಕ 15/6/2025ರ ಒಳಗೆ ಸಲ್ಲಿಸಬೇಕು. ಹೆಚ್ಚಿನ ಮಾಹಿತಿಗೆ ಮೊ.ನಂ 953 5878746 ಸಂಪರ್ಕಿಸಬಹುದಾಗಿದೆ.
ಕಾರ್ಮಿಕರು ಆರ್ಥಿಕ ಸಮಸ್ಯೆ ಕಡೆ ಗಮನಹರಿಸಿ
ಶ್ರಮಿಕ ಕಟ್ಟಡ ಮತ್ತು ಇನ್ನಿತರೆ ನಿರ್ಮಾಣ ಕಾರ್ಮಿಕರ ಸಂಘದಿಂದ ವಿಶ್ವ ಕಾರ್ಮಿಕರ ದಿನಾಚರಣೆ
ತುಮಕೂರು: ಕಾರ್ಮಿಕರು ಕೇವಲ ಸಾಮಾಜಿಕ ಸಮಸ್ಯೆಗಳಿಗೆ ಮಾತ್ರ ಗಮನಹರಿಸದೆ ಆರ್ಥಿಕ ಸಮಸ್ಯೆಗಳ ಬಗ್ಗೆಯೂ ಗಮನ ನೀಡಬೇಕೆಂದು ಹಿರಿಯ ಕಾರ್ಮಿಕ ಮುಖಂಡರು ಅಭಿಪ್ರಾಯಪಟ್ಟರು. ನಗರದ ಜನನಿ ಭವನದಲ್ಲಿ ಶ್ರಮಿಕ ಕಟ್ಟಡ ಮತ್ತು ಇನ್ನಿತರೆ ನಿರ್ಮಾಣ ಕಾರ್ಮಿಕರ ಸಂಘದಿಂದ ಏರ್ಪಡಿಸಿದ್ದ ವಿಶ್ವ ಕಾರ್ಮಿಕರ ದಿನಾಚರಣೆಯಲ್ಲಿ ಮಾತನಾಡಿದರು. ಮಾರುಕಟ್ಟೆ ಮಾದರಿಯ ಆರ್ಥಿಕತೆಯಲ್ಲಿ ಕಾರ್ಮಿಕರ ಬದುಕು ಸಂಕಷ್ಟದಲ್ಲಿದೆ. ಗುತ್ತಿಗೆ ಪದ್ಧತಿ ಹೆಚ್ಚುತ್ತಿದ್ದು ಉದ್ಯೋಗ ಭದ್ರತೆ ಇಲ್ಲವಾಗಿದೆ. ಸಂಘಟಿತ ಹೋರಾಟದ ಮೂಲಕ ಹಕ್ಕುಗಳನ್ನು ಪಡೆದುಕೊಳ್ಳಬೇಕು ಎಂದರು.
ಉದ್ಯಮ, ಮನೆ, ಶಿಕ್ಷಣ ಮತ್ತು ಶಿಕ್ಷಣ ಸಂಸ್ಥೆಗಳಲ್ಲಿ ದುಡಿಯುವ ಕಾರ್ಮಿಕರು ಸಂಘಟಿತರಾಗಿ ತಮ್ಮ ಹಕ್ಕುಗಳಿಗಾಗಿ ಧ್ವನಿ ಎತ್ತಬೇಕು. ಸರ್ಕಾರ ಕಾರ್ಮಿಕರ ಕಲ್ಯಾಣ ಮಂಡಳಿಯ ಮೂಲಕ ನೀಡುವ ಸೌಲಭ್ಯಗಳನ್ನು ಸಮರ್ಪಕವಾಗಿ ಬಳಸಿಕೊಳ್ಳಬೇಕು ಎಂದು ತಿಳಿಸಿದರು. ಕಾರ್ಯಕ್ರಮದಲ್ಲಿ ಸಂಘದ ಪದಾಧಿಕಾರಿಗಳು, ಕಾರ್ಮಿಕರು ಭಾಗವಹಿಸಿದ್ದರು.
ಸಾಧ್ಯವಾಗುತ್ತಿಲ್ಲ. ಕಾರ್ಮಿಕರು ತಮ್ಮ ಶ್ರಮಕ್ಕೆ ತಕ್ಕ ಪ್ರತಿಫಲ ಪಡೆಯಲು ಸಂಘಟಿತರಾಗಬೇಕು. ಕಾರ್ಮಿಕ ಕಾನೂನುಗಳ ತಿದ್ದುಪಡಿಯಿಂದ ಕಾರ್ಮಿಕರ ಹಕ್ಕುಗಳು ಮೊಟಕುಗೊಳ್ಳುತ್ತಿವೆ ಎಂದು ಆತಂಕ ವ್ಯಕ್ತಪಡಿಸಿದರು. ಸಂಘದ ಜಿಲ್ಲಾಧ್ಯಕ್ಷರು ಅಧ್ಯಕ್ಷತೆ ವಹಿಸಿದ್ದರು.
ಮಿಗಳಿಗೆ ಮಾಹಿತಿ ಇಲ್ಲವಾದರೆ ವಾತಾವರಣ ಇದ್ದು ಬಂಡವಾಳಶಾಹಿ ವ್ಯವಸ್ಥೆಯ ವಿರುದ್ಧ ಕಾರ್ಮಿಕರು ಸಂಘಟಿತರಾಗಬೇಕಿದೆ. ಕಾರ್ಮಿಕ ಇಲಾಖೆಯಿಂದ ಕಟ್ಟಡ ಕಾರ್ಮಿಕರಿಗೆ ನೀಡುವ ಸೌಲಭ್ಯಗಳನ್ನು ಪಡೆದುಕೊಳ್ಳಬೇಕು. ಶೈಕ್ಷಣಿಕ ಧನಸಹಾಯ, ವೈದ್ಯಕೀಯ ನೆರವು, ಮದುವೆ ಸಹಾಯಧನ ಸೇರಿದಂತೆ ವಿವಿಧ ಸೌಲಭ್ಯಗಳ ಬಗ್ಗೆ ಮಾಹಿತಿ ನೀಡಲಾಯಿತು. ಕಾರ್ಮಿಕರು ಆರ್ಥಿಕ ಸಮಸ್ಯೆಗಳ ಕಡೆ ಗಮನಹರಿಸಿ ಸಂಘಟಿತರಾಗಬೇಕೆಂದು ಕರೆ ನೀಡಿದರು.
Printed by: H.S. PARAMESH,7th Cross, Srirama Nagara, Tumakuru-572101,Tumakuru Dist. Karnataka, Published & Owned by: RAGHU A.N,New Extension, Arakere post, Tumakuru-572106, Printed at : SRI LAKSHMI NARASIMHA OFFSET PRINTERS,7th Cross,
Srirama Nagara, Tumakuru-572101,Tumakuru Dist. Karnataka. Published at : At New Extension, Arakere post, Tumakuru -572106, Tumakuru Dist, Karnataka. Editor : RAGHU A.N,New Extension, Arakere post, Tumakuru -572106, Tumakuru Dist, Karnataka.
